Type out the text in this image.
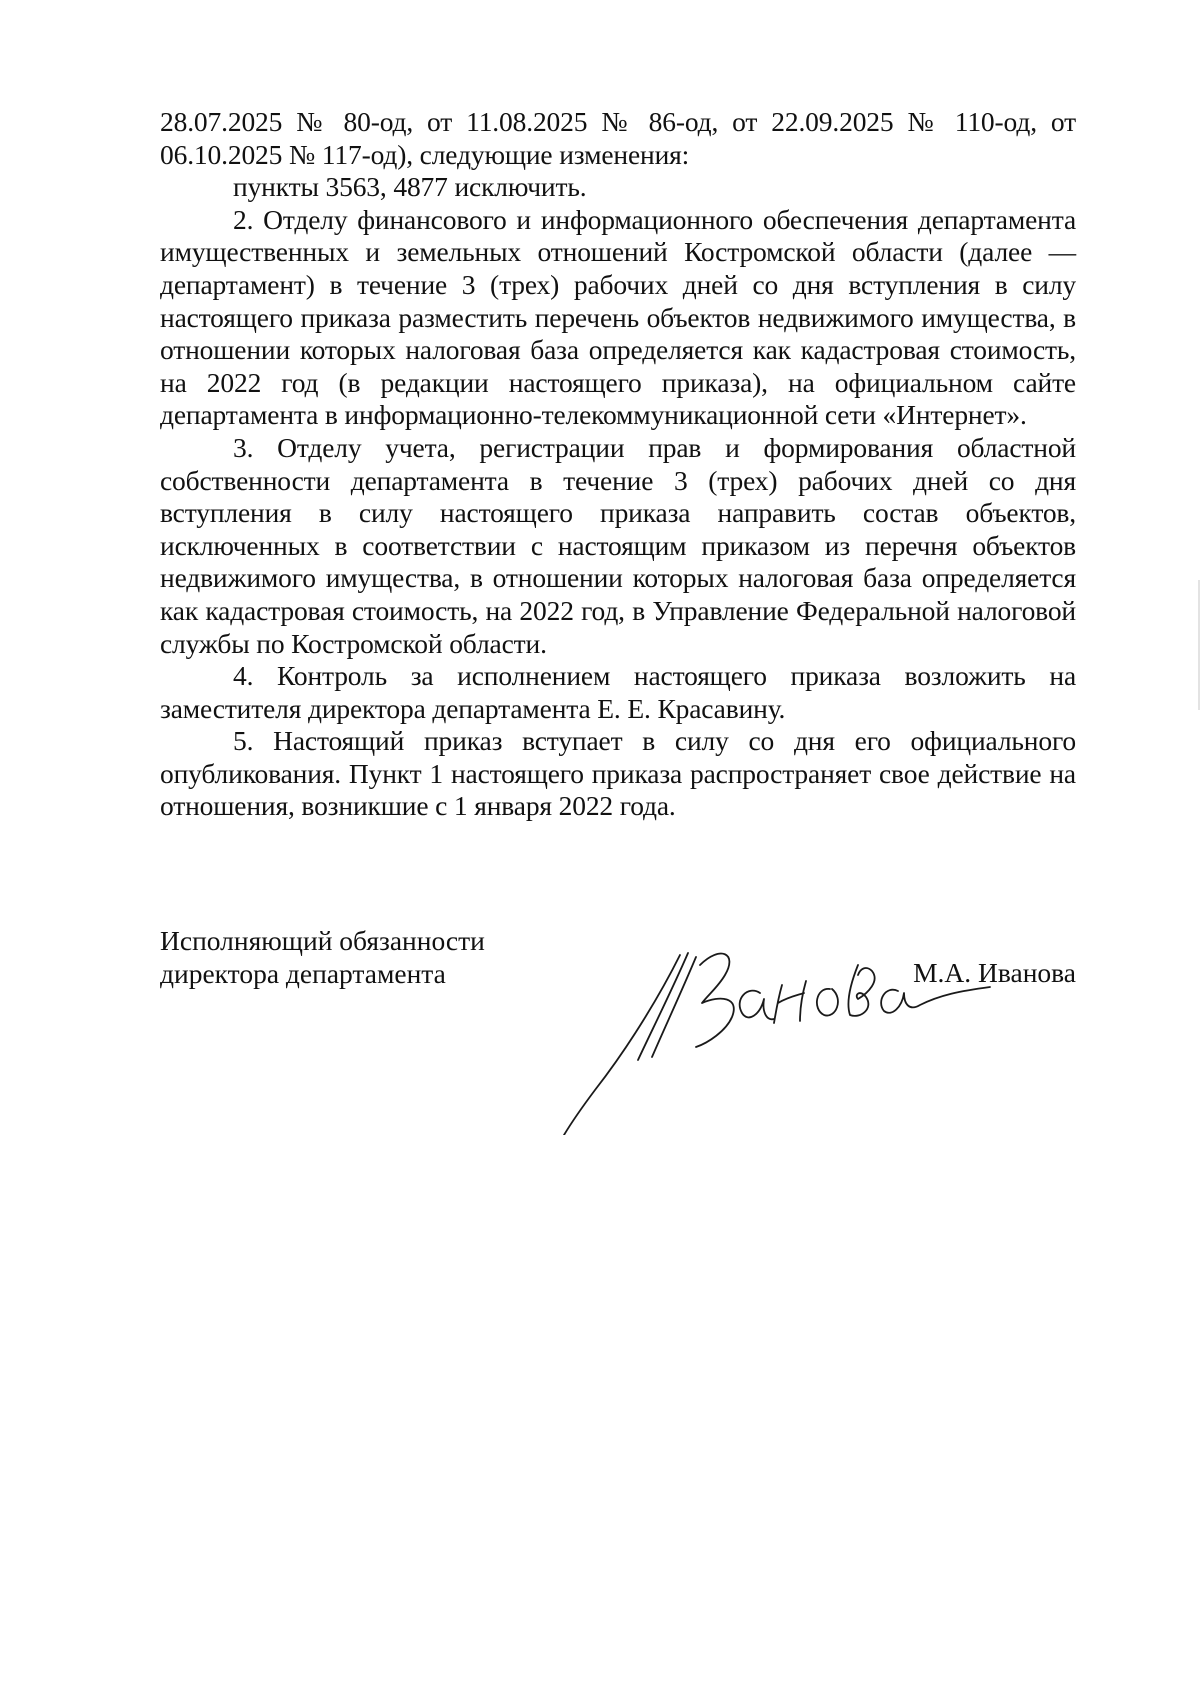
28.07.2025 № 80-од, от 11.08.2025 № 86-од, от 22.09.2025 № 110-од, от 06.10.2025 № 117-од), следующие изменения:

пункты 3563, 4877 исключить.

2. Отделу финансового и информационного обеспечения департамента имущественных и земельных отношений Костромской области (далее — департамент) в течение 3 (трех) рабочих дней со дня вступления в силу настоящего приказа разместить перечень объектов недвижимого имущества, в отношении которых налоговая база определяется как кадастровая стоимость, на 2022 год (в редакции настоящего приказа), на официальном сайте департамента в информационно-телекоммуникационной сети «Интернет».

3. Отделу учета, регистрации прав и формирования областной собственности департамента в течение 3 (трех) рабочих дней со дня вступления в силу настоящего приказа направить состав объектов, исключенных в соответствии с настоящим приказом из перечня объектов недвижимого имущества, в отношении которых налоговая база определяется как кадастровая стоимость, на 2022 год, в Управление Федеральной налоговой службы по Костромской области.

4. Контроль за исполнением настоящего приказа возложить на заместителя директора департамента Е. Е. Красавину.

5. Настоящий приказ вступает в силу со дня его официального опубликования. Пункт 1 настоящего приказа распространяет свое действие на отношения, возникшие с 1 января 2022 года.

Исполняющий обязанности
директора департамента	М.А. Иванова
